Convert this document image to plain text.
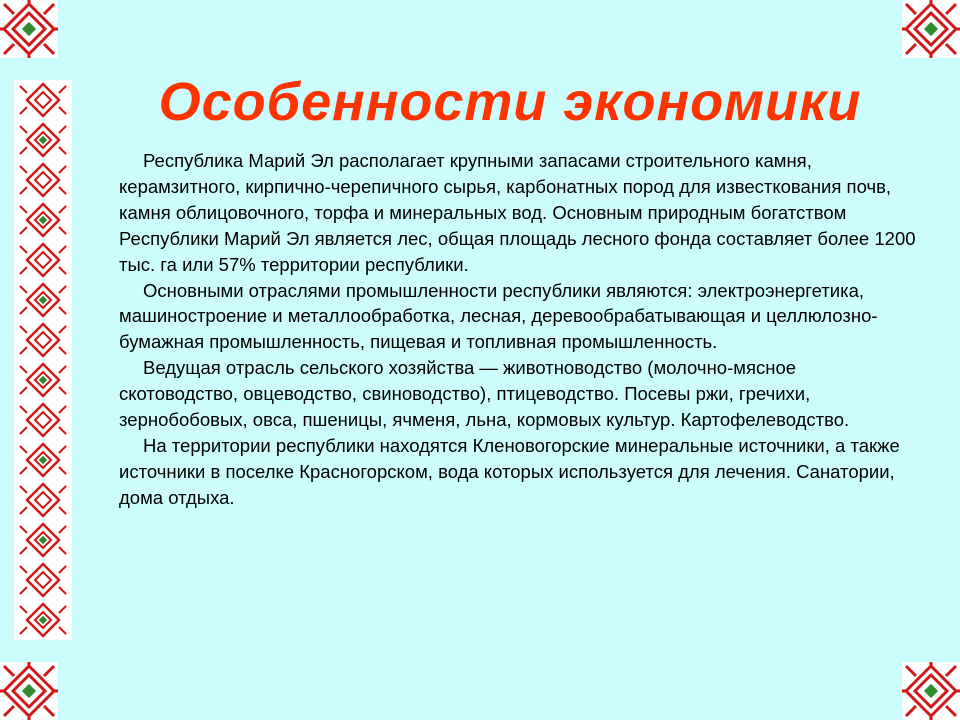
Особенности экономики

Республика Марий Эл располагает крупными запасами строительного камня, керамзитного, кирпично-черепичного сырья, карбонатных пород для известкования почв, камня облицовочного, торфа и минеральных вод. Основным природным богатством Республики Марий Эл является лес, общая площадь лесного фонда составляет более 1200 тыс. га или 57% территории республики.

Основными отраслями промышленности республики являются: электроэнергетика, машиностроение и металлообработка, лесная, деревообрабатывающая и целлюлозно-бумажная промышленность, пищевая и топливная промышленность.

Ведущая отрасль сельского хозяйства — животноводство (молочно-мясное скотоводство, овцеводство, свиноводство), птицеводство. Посевы ржи, гречихи, зернобобовых, овса, пшеницы, ячменя, льна, кормовых культур. Картофелеводство.

На территории республики находятся Кленовогорские минеральные источники, а также источники в поселке Красногорском, вода которых используется для лечения. Санатории, дома отдыха.
